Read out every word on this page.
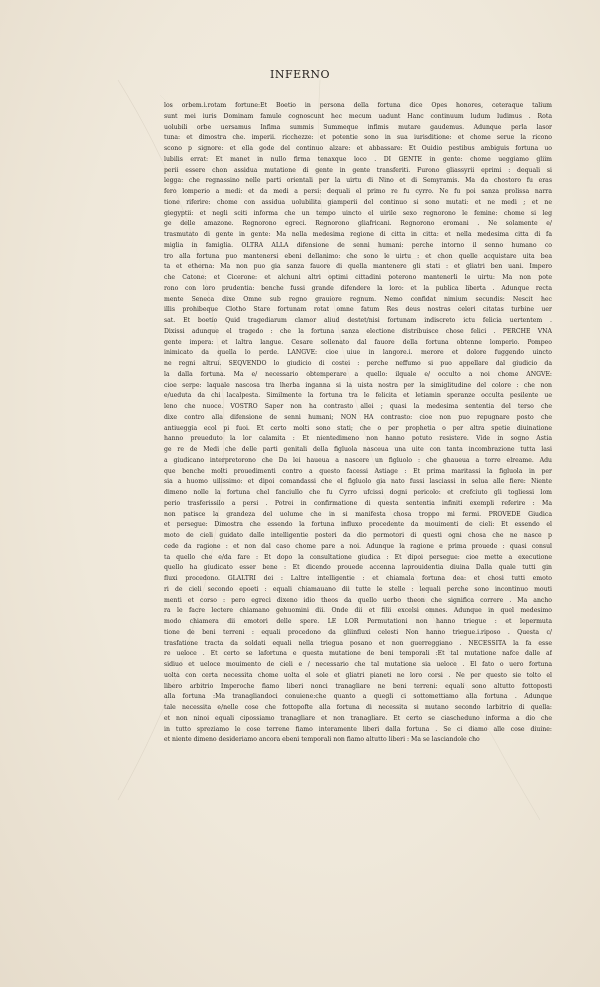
INFERNO
los orbem.i.rotam fortune:Et Boetio in persona della fortuna dice Opes honores, ceteraque talium
sunt mei iuris Dominam famule cognoscunt hec mecum uadunt Hanc continuum ludum ludimus . Rota
uolubili orbe uersamus Infima summis Summeque infimis mutare gaudemus. Adunque perla lasor
tuna: et dimostra che. imperii. ricchezze: et potentie sono in sua iurisditione: et chome serue la ricono
scono p signore: et ella gode del continuo alzare: et abbassare: Et Ouidio pestibus ambiguis fortuna uo
lubilis errat: Et manet in nullo firma tenaxque loco . DI GENTE in gente: chome ueggiamo gliim
perii essere chon assidua mutatione di gente in gente transferiti. Furono gliassyrii eprimi : dequali si
legga: che regnassino nelle parti orientali per la uirtu di Nino et di Semyramis. Ma da chostoro fu eras
fero lomperio a medi: et da medi a persi: dequali el primo re fu cyrro. Ne fu poi sanza prolissa narra
tione riferire: chome con assidua uolubilita giamperii del continuo si sono mutati: et ne medi ; et ne
giegyptii: et negli sciti informa che un tempo uincto el uirile sexo regnorono le femine: chome si leg
ge delle amazone. Regnorono egreci. Regnorono gliafricani. Regnorono eromani . Ne solamente e/
trasmutato di gente in gente: Ma nella medesima regione di citta in citta: et nella medesima citta di fa
miglia in famiglia. OLTRA ALLA difensione de senni humani: perche intorno il senno humano co
tro alla fortuna puo mantenersi ebeni dellanimo: che sono le uirtu : et chon quelle acquistare uita bea
ta et etherna: Ma non puo gia sanza fauore di quella mantenere gli stati : et gliatri ben uani. Impero
che Catone: et Cicerone: et alchuni altri optimi cittadini poterono mantenerli le uirtu: Ma non pote
rono con loro prudentia: benche fussi grande difendere la loro: et la publica liberta . Adunque recta
mente Seneca dixe Omne sub regno grauiore regnum. Nemo confidat nimium secundis: Nescit hec
illis prohibeque Clotho Stare fortunam rotat omne fatum Res deus nostras celeri citatas turbine uer
sat. Et boetio Quid tragediarum clamor aliud destet/nisi fortunam indiscreto ictu felicia uertentem .
Dixissi adunque el tragedo : che la fortuna sanza electione distribuisce chose felici . PERCHE VNA
gente impera: et laltra langue. Cesare sollenato dal fauore della fortuna obtenne lomperio. Pompeo
inimicato da quella lo perde. LANGVE: cioe uiue in langore.i. merore et dolore fuggendo uincto
ne regni altrui. SEQVENDO lo giudicio di costei : perche neffumo si puo appellare dal giudicio da
la dalla fortuna. Ma e/ necessario obtemperare a quello: ilquale e/ occulto a noi chome ANGVE:
cioe serpe: laquale nascosa tra lherba inganna si la uista nostra per la simiglitudine del colore : che non
e/ueduta da chi lacalpesta. Similmente la fortuna tra le felicita et letiamin speranze occulta pesilente ue
leno che nuoce. VOSTRO Saper non ha contrasto allei ; quasi la medesima sententia del terso che
dixe contro alla difensione de senni humani; NON HA contrasto: cioe non puo repugnare posto che
antiueggia ecol pi fuoi. Et certo molti sono stati; che o per prophetia o per altra spetie diuinatione
hanno preueduto la lor calamita : Et nientedimeno non hanno potuto resistere. Vide in sogno Astia
ge re de Medi che delle parti genitali della figluola nasceua una uite con tanta incombrazione tutta lasi
a giudicano interpretorono che Da lei haueua a nascere un figluolo : che ghaueua a torre elreame. Adu
que benche molti prouedimenti contro a questo facessi Astiage : Et prima maritassi la figluola in per
sia a huomo uilissimo: et dipoi comandassi che el figluolo gia nato fussi lasciassi in selua alle fiere: Niente
dimeno nolle la fortuna chel fanciullo che fu Cyrro ufcissi dogni pericolo: et crefciuto gli togliessi lom
perio trasferissilo a persi . Potrei in confirmatione di questa sententia infiniti exempli referire : Ma
non patisce la grandeza del uolume che in si manifesta chosa troppo mi fermi. PROVEDE Giudica
et persegue: Dimostra che essendo la fortuna influxo procedente da mouimenti de cieli: Et essendo el
moto de cieli guidato dalle intelligentie posteri da dio permotori di questi ogni chosa che ne nasce p
cede da ragione : et non dal caso chome pare a noi. Adunque la ragione e prima prouede : quasi consul
ta quello che e/da fare : Et dopo la consultatione giudica : Et dipoi persegue: cioe mette a executione
quello ha giudicato esser bene : Et dicendo prouede accenna laprouidentia diuina Dalla quale tutti gin
fluxi procedono. GLALTRI dei : Laltre intelligentie : et chiamala fortuna dea: et chosi tutti emoto
ri de cieli secondo epoeti : equali chiamauano dii tutte le stelle : lequali perche sono incontinuo mouti
menti et corso : pero egreci dixeno idio theos da quello uerbo theon che significa correre . Ma ancho
ra le facre lectere chiamano gehuomini dii. Onde dii et filii excelsi omnes. Adunque in quel medesimo
modo chiamera dii emotori delle spere. LE LOR Permutationi non hanno triegue : et lepermuta
tione de beni terreni : equali procedono da gliinfluxi celesti Non hanno triegue.i.riposo . Questa c/
trasfatione tracta da soldati equali nella triegua posano et non guerreggiano . NECESSITA la fa esse
re ueloce . Et certo se lafortuna e questa mutatione de beni temporali :Et tal mutatione nafce dalle af
sidiuo et ueloce mouimento de cieli e / necessario che tal mutatione sia ueloce . El fato o uero fortuna
uolta con certa necessita chome uolta el sole et gliatri pianeti ne loro corsi . Ne per questo sie tolto el
libero arbitrio Imperoche fiamo liberi nonci tranagliare ne beni terreni: equali sono altutto fottoposti
alla fortuna :Ma tranagliandoci conuiene:che quanto a quegli ci sottomettiamo alla fortuna . Adunque
tale necessita e/nelle cose che fottopofte alla fortuna di necessita si mutano secondo larbitrio di quella:
et non ninoi equali cipossiamo tranagliare et non tranagliare. Et certo se ciascheduno informa a dio che
in tutto spreziamo le cose terrene fiamo interamente liberi dalla fortuna . Se ci diamo alle cose diuine:
et niente dimeno desideriamo ancora ebeni temporali non fiamo altutto liberi : Ma se lasciandole cho
